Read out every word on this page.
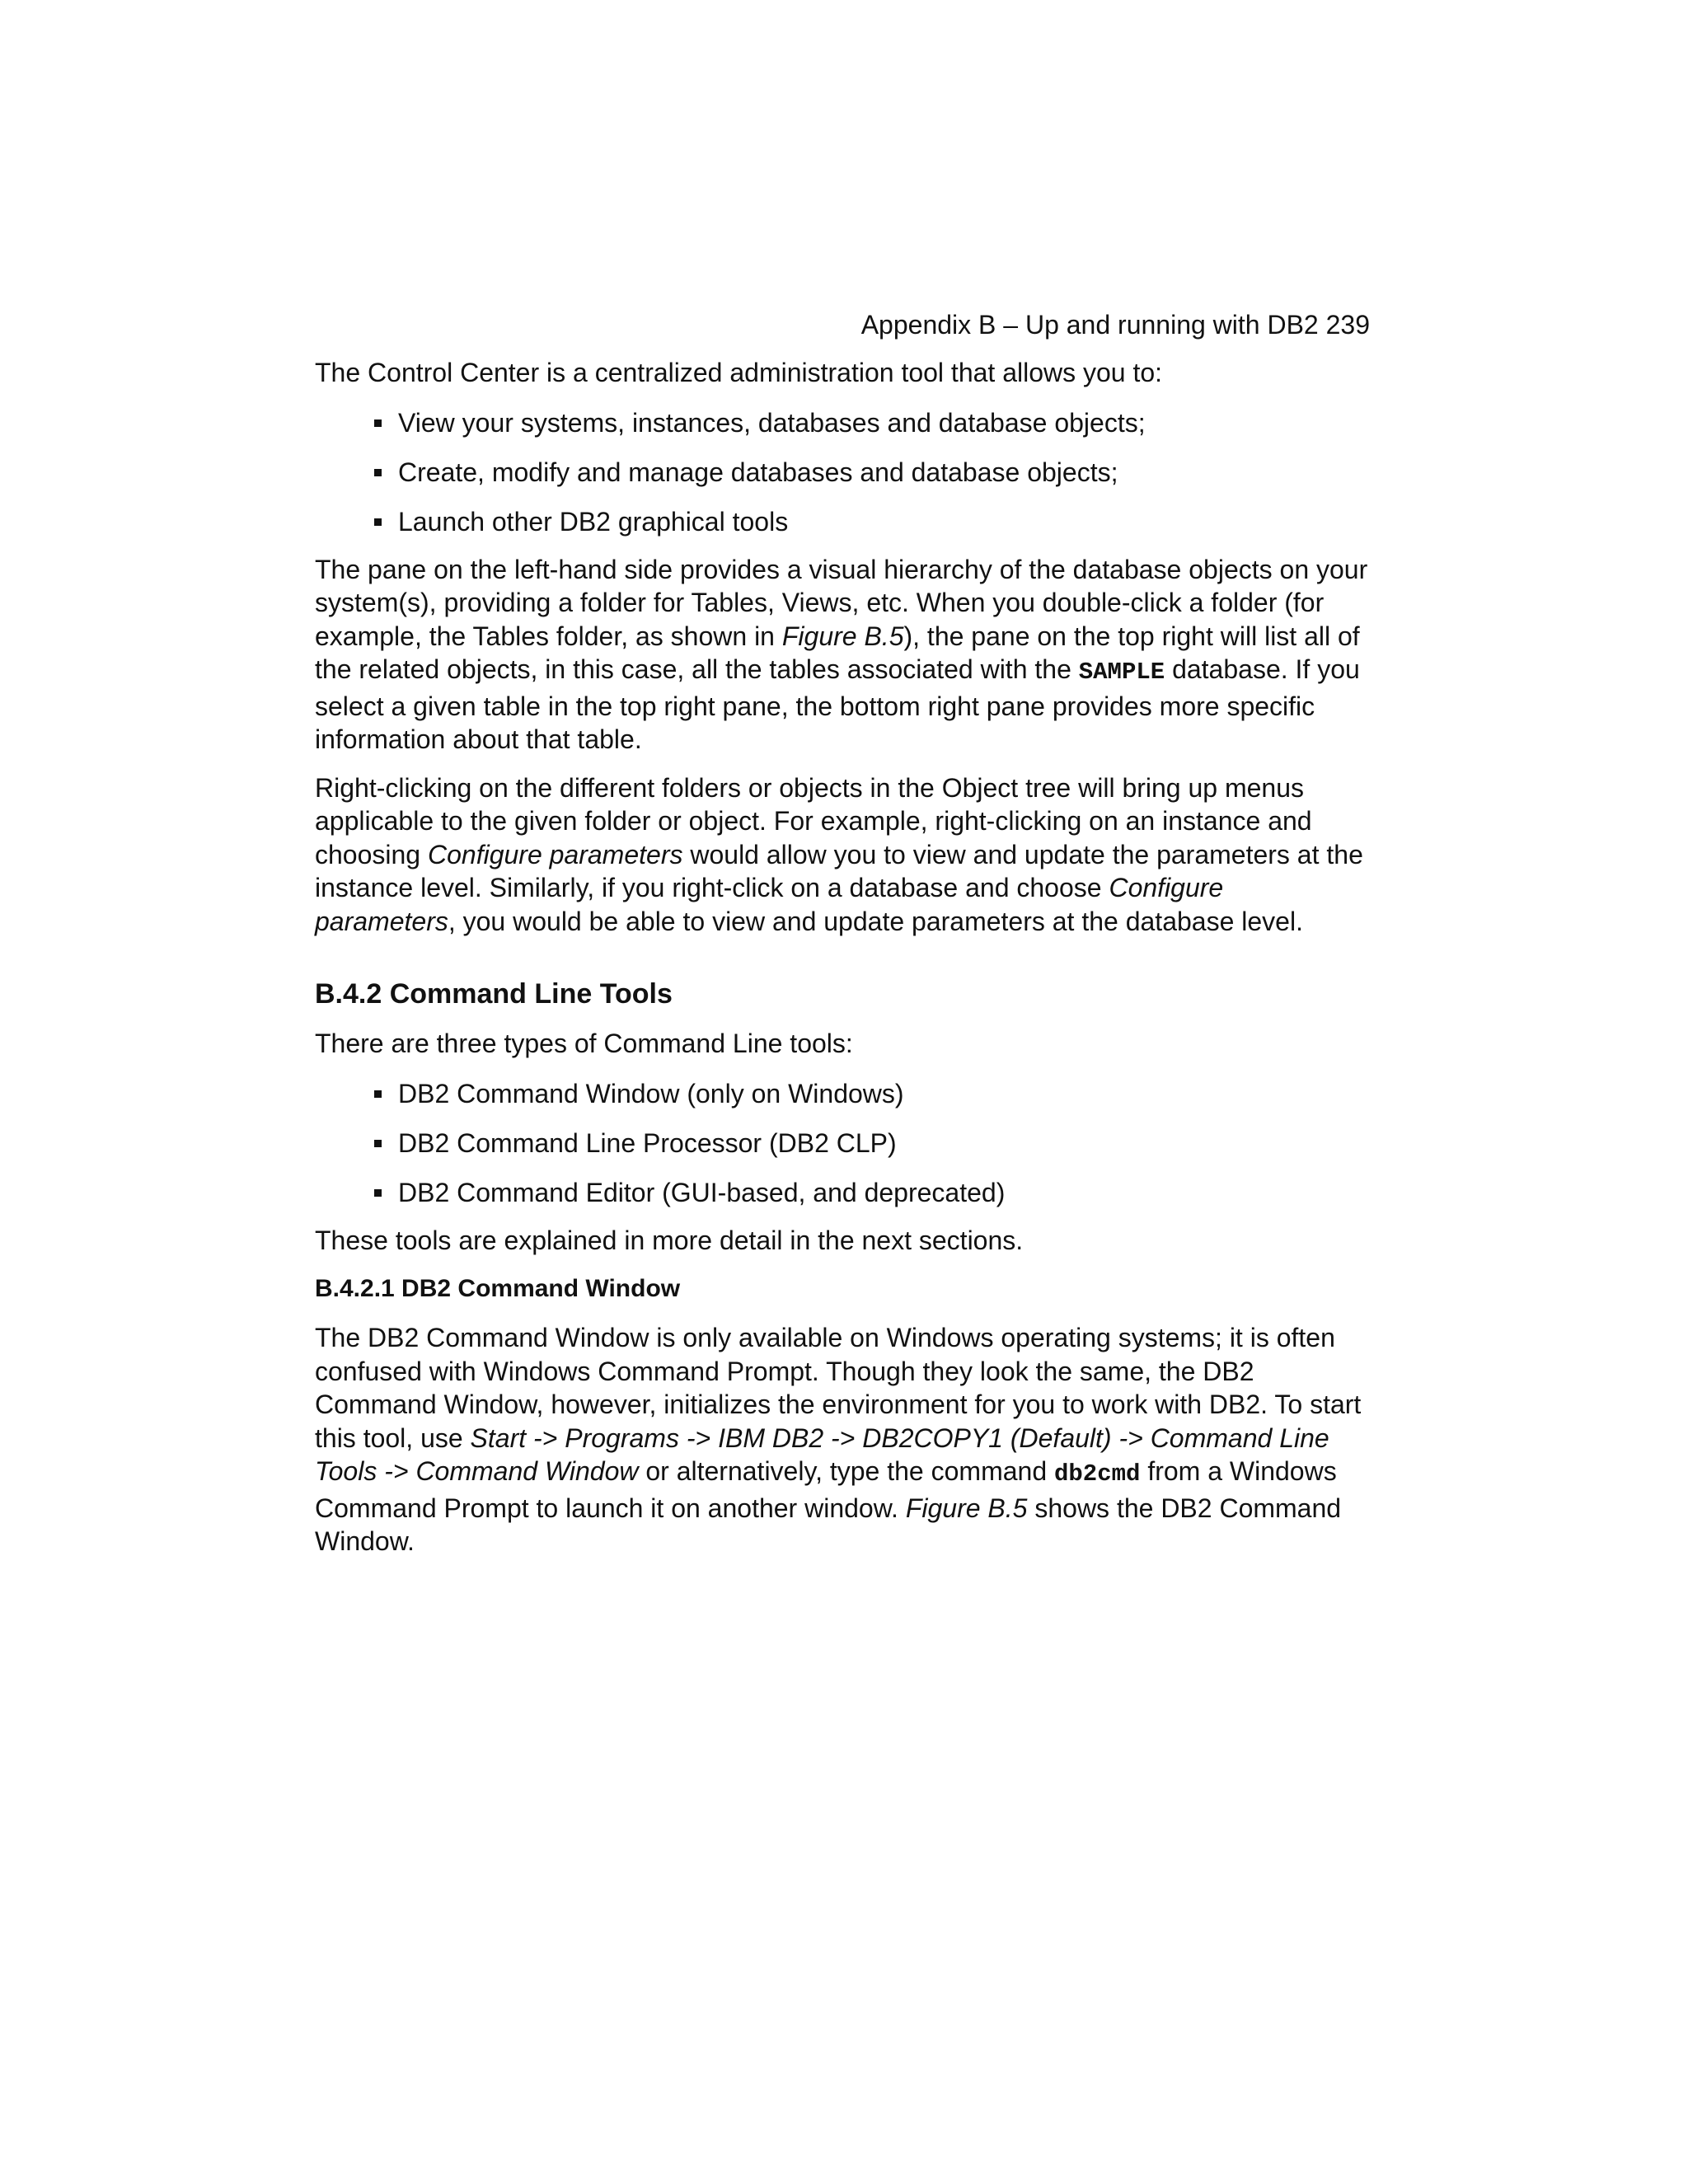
Appendix B – Up and running with DB2 239

The Control Center is a centralized administration tool that allows you to:

View your systems, instances, databases and database objects;
Create, modify and manage databases and database objects;
Launch other DB2 graphical tools

The pane on the left-hand side provides a visual hierarchy of the database objects on your system(s), providing a folder for Tables, Views, etc. When you double-click a folder (for example, the Tables folder, as shown in Figure B.5), the pane on the top right will list all of the related objects, in this case, all the tables associated with the SAMPLE database. If you select a given table in the top right pane, the bottom right pane provides more specific information about that table.

Right-clicking on the different folders or objects in the Object tree will bring up menus applicable to the given folder or object. For example, right-clicking on an instance and choosing Configure parameters would allow you to view and update the parameters at the instance level. Similarly, if you right-click on a database and choose Configure parameters, you would be able to view and update parameters at the database level.

B.4.2 Command Line Tools

There are three types of Command Line tools:

DB2 Command Window (only on Windows)
DB2 Command Line Processor (DB2 CLP)
DB2 Command Editor (GUI-based, and deprecated)

These tools are explained in more detail in the next sections.

B.4.2.1 DB2 Command Window

The DB2 Command Window is only available on Windows operating systems; it is often confused with Windows Command Prompt. Though they look the same, the DB2 Command Window, however, initializes the environment for you to work with DB2. To start this tool, use Start -> Programs -> IBM DB2 -> DB2COPY1 (Default) -> Command Line Tools -> Command Window or alternatively, type the command db2cmd from a Windows Command Prompt to launch it on another window. Figure B.5 shows the DB2 Command Window.
